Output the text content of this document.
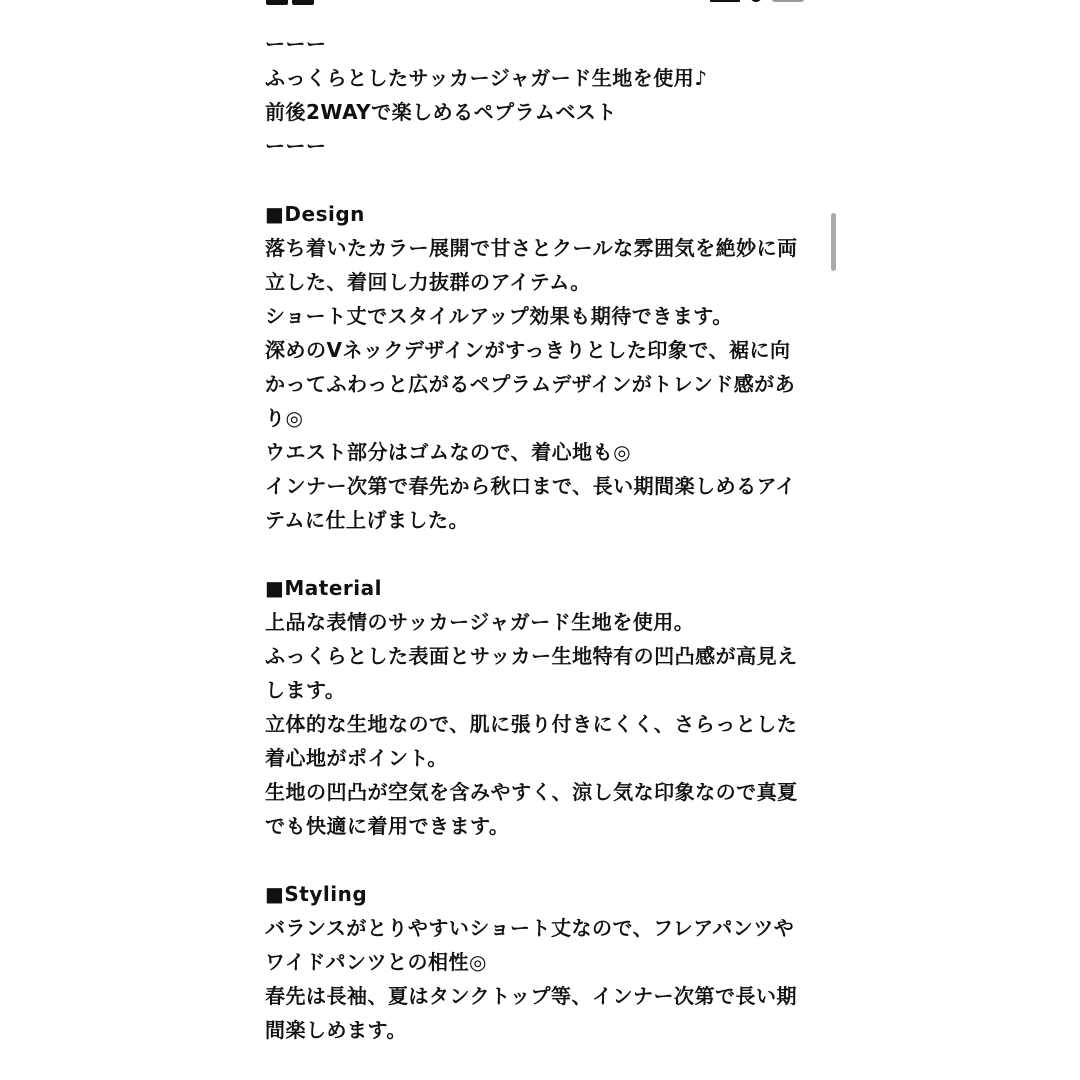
ーーー
ふっくらとしたサッカージャガード生地を使用♪
前後2WAYで楽しめるペプラムベスト
ーーー
■Design
落ち着いたカラー展開で甘さとクールな雰囲気を絶妙に両
立した、着回し力抜群のアイテム。
ショート丈でスタイルアップ効果も期待できます。
深めのVネックデザインがすっきりとした印象で、裾に向
かってふわっと広がるペプラムデザインがトレンド感があ
り◎
ウエスト部分はゴムなので、着心地も◎
インナー次第で春先から秋口まで、長い期間楽しめるアイ
テムに仕上げました。
■Material
上品な表情のサッカージャガード生地を使用。
ふっくらとした表面とサッカー生地特有の凹凸感が高見え
します。
立体的な生地なので、肌に張り付きにくく、さらっとした
着心地がポイント。
生地の凹凸が空気を含みやすく、涼し気な印象なので真夏
でも快適に着用できます。
■Styling
バランスがとりやすいショート丈なので、フレアパンツや
ワイドパンツとの相性◎
春先は長袖、夏はタンクトップ等、インナー次第で長い期
間楽しめます。
